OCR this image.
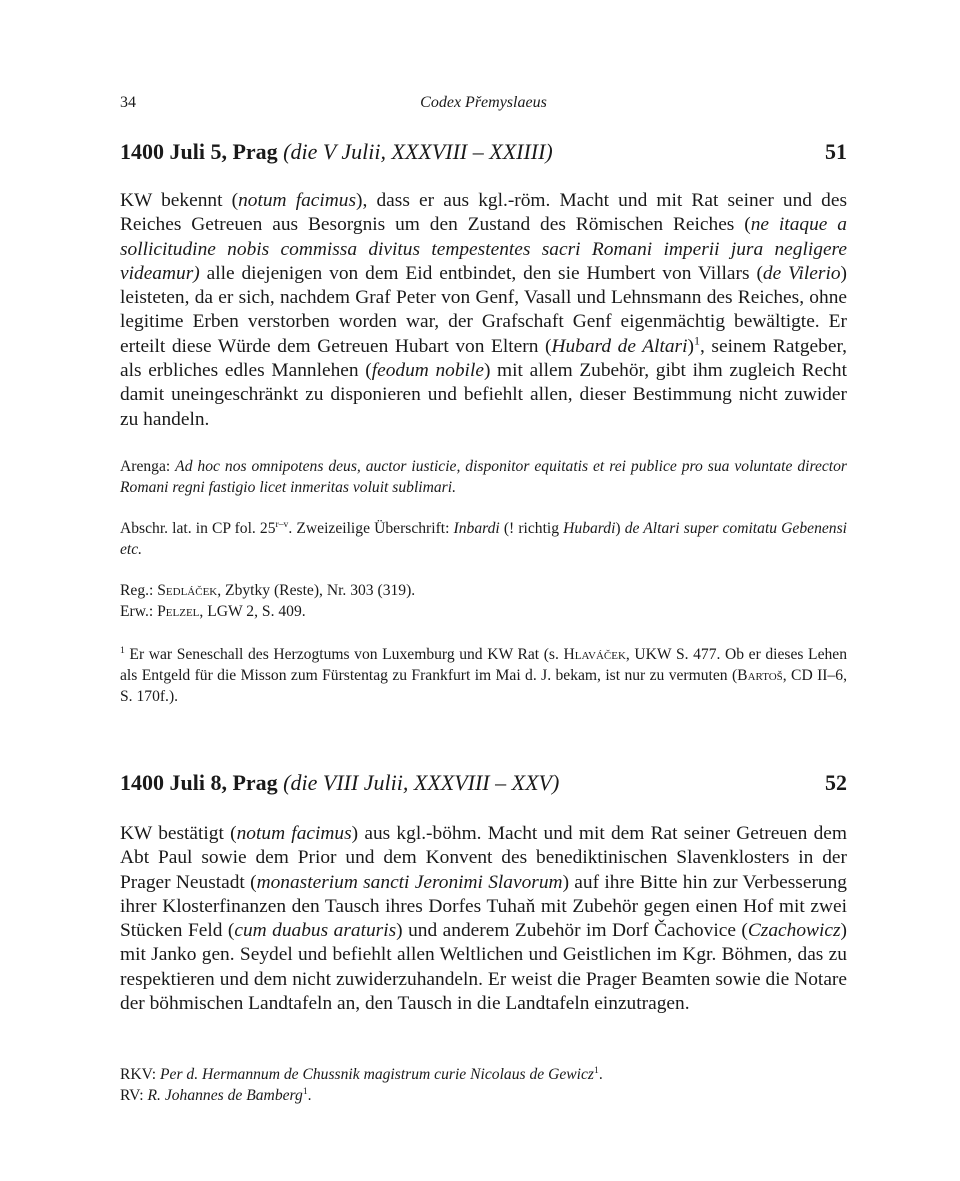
34	Codex Přemyslaeus
1400 Juli 5, Prag (die V Julii, XXXVIII – XXIIII)	51
KW bekennt (notum facimus), dass er aus kgl.-röm. Macht und mit Rat seiner und des Reiches Getreuen aus Besorgnis um den Zustand des Römischen Reiches (ne itaque a sollicitudine nobis commissa divitus tempestentes sacri Romani imperii jura negligere videamur) alle diejenigen von dem Eid entbindet, den sie Humbert von Villars (de Vilerio) leisteten, da er sich, nachdem Graf Peter von Genf, Vasall und Lehnsmann des Reiches, ohne legitime Erben verstorben worden war, der Grafschaft Genf eigenmächtig bewältigte. Er erteilt diese Würde dem Getreuen Hubart von Eltern (Hubard de Altari)$^1$, seinem Ratgeber, als erbliches edles Mannlehen (feodum nobile) mit allem Zubehör, gibt ihm zugleich Recht damit uneingeschränkt zu disponieren und befiehlt allen, dieser Bestimmung nicht zuwider zu handeln.
Arenga: Ad hoc nos omnipotens deus, auctor iusticie, disponitor equitatis et rei publice pro sua voluntate director Romani regni fastigio licet inmeritas voluit sublimari.
Abschr. lat. in CP fol. 25$^{r-v}$. Zweizeilige Überschrift: Inbardi (! richtig Hubardi) de Altari super comitatu Gebenensi etc.
Reg.: Sedláček, Zbytky (Reste), Nr. 303 (319).
Erw.: Pelzel, LGW 2, S. 409.
$^1$ Er war Seneschall des Herzogtums von Luxemburg und KW Rat (s. Hlaváček, UKW S. 477. Ob er dieses Lehen als Entgeld für die Misson zum Fürstentag zu Frankfurt im Mai d. J. bekam, ist nur zu vermuten (Bartoš, CD II–6, S. 170f.).
1400 Juli 8, Prag (die VIII Julii, XXXVIII – XXV)	52
KW bestätigt (notum facimus) aus kgl.-böhm. Macht und mit dem Rat seiner Getreuen dem Abt Paul sowie dem Prior und dem Konvent des benediktinischen Slavenklosters in der Prager Neustadt (monasterium sancti Jeronimi Slavorum) auf ihre Bitte hin zur Verbesserung ihrer Klosterfinanzen den Tausch ihres Dorfes Tuhaň mit Zubehör gegen einen Hof mit zwei Stücken Feld (cum duabus araturis) und anderem Zubehör im Dorf Čachovice (Czachowicz) mit Janko gen. Seydel und befiehlt allen Weltlichen und Geistlichen im Kgr. Böhmen, das zu respektieren und dem nicht zuwiderzuhandeln. Er weist die Prager Beamten sowie die Notare der böhmischen Landtafeln an, den Tausch in die Landtafeln einzutragen.
RKV: Per d. Hermannum de Chussnik magistrum curie Nicolaus de Gewicz$^1$.
RV: R. Johannes de Bamberg$^1$.
